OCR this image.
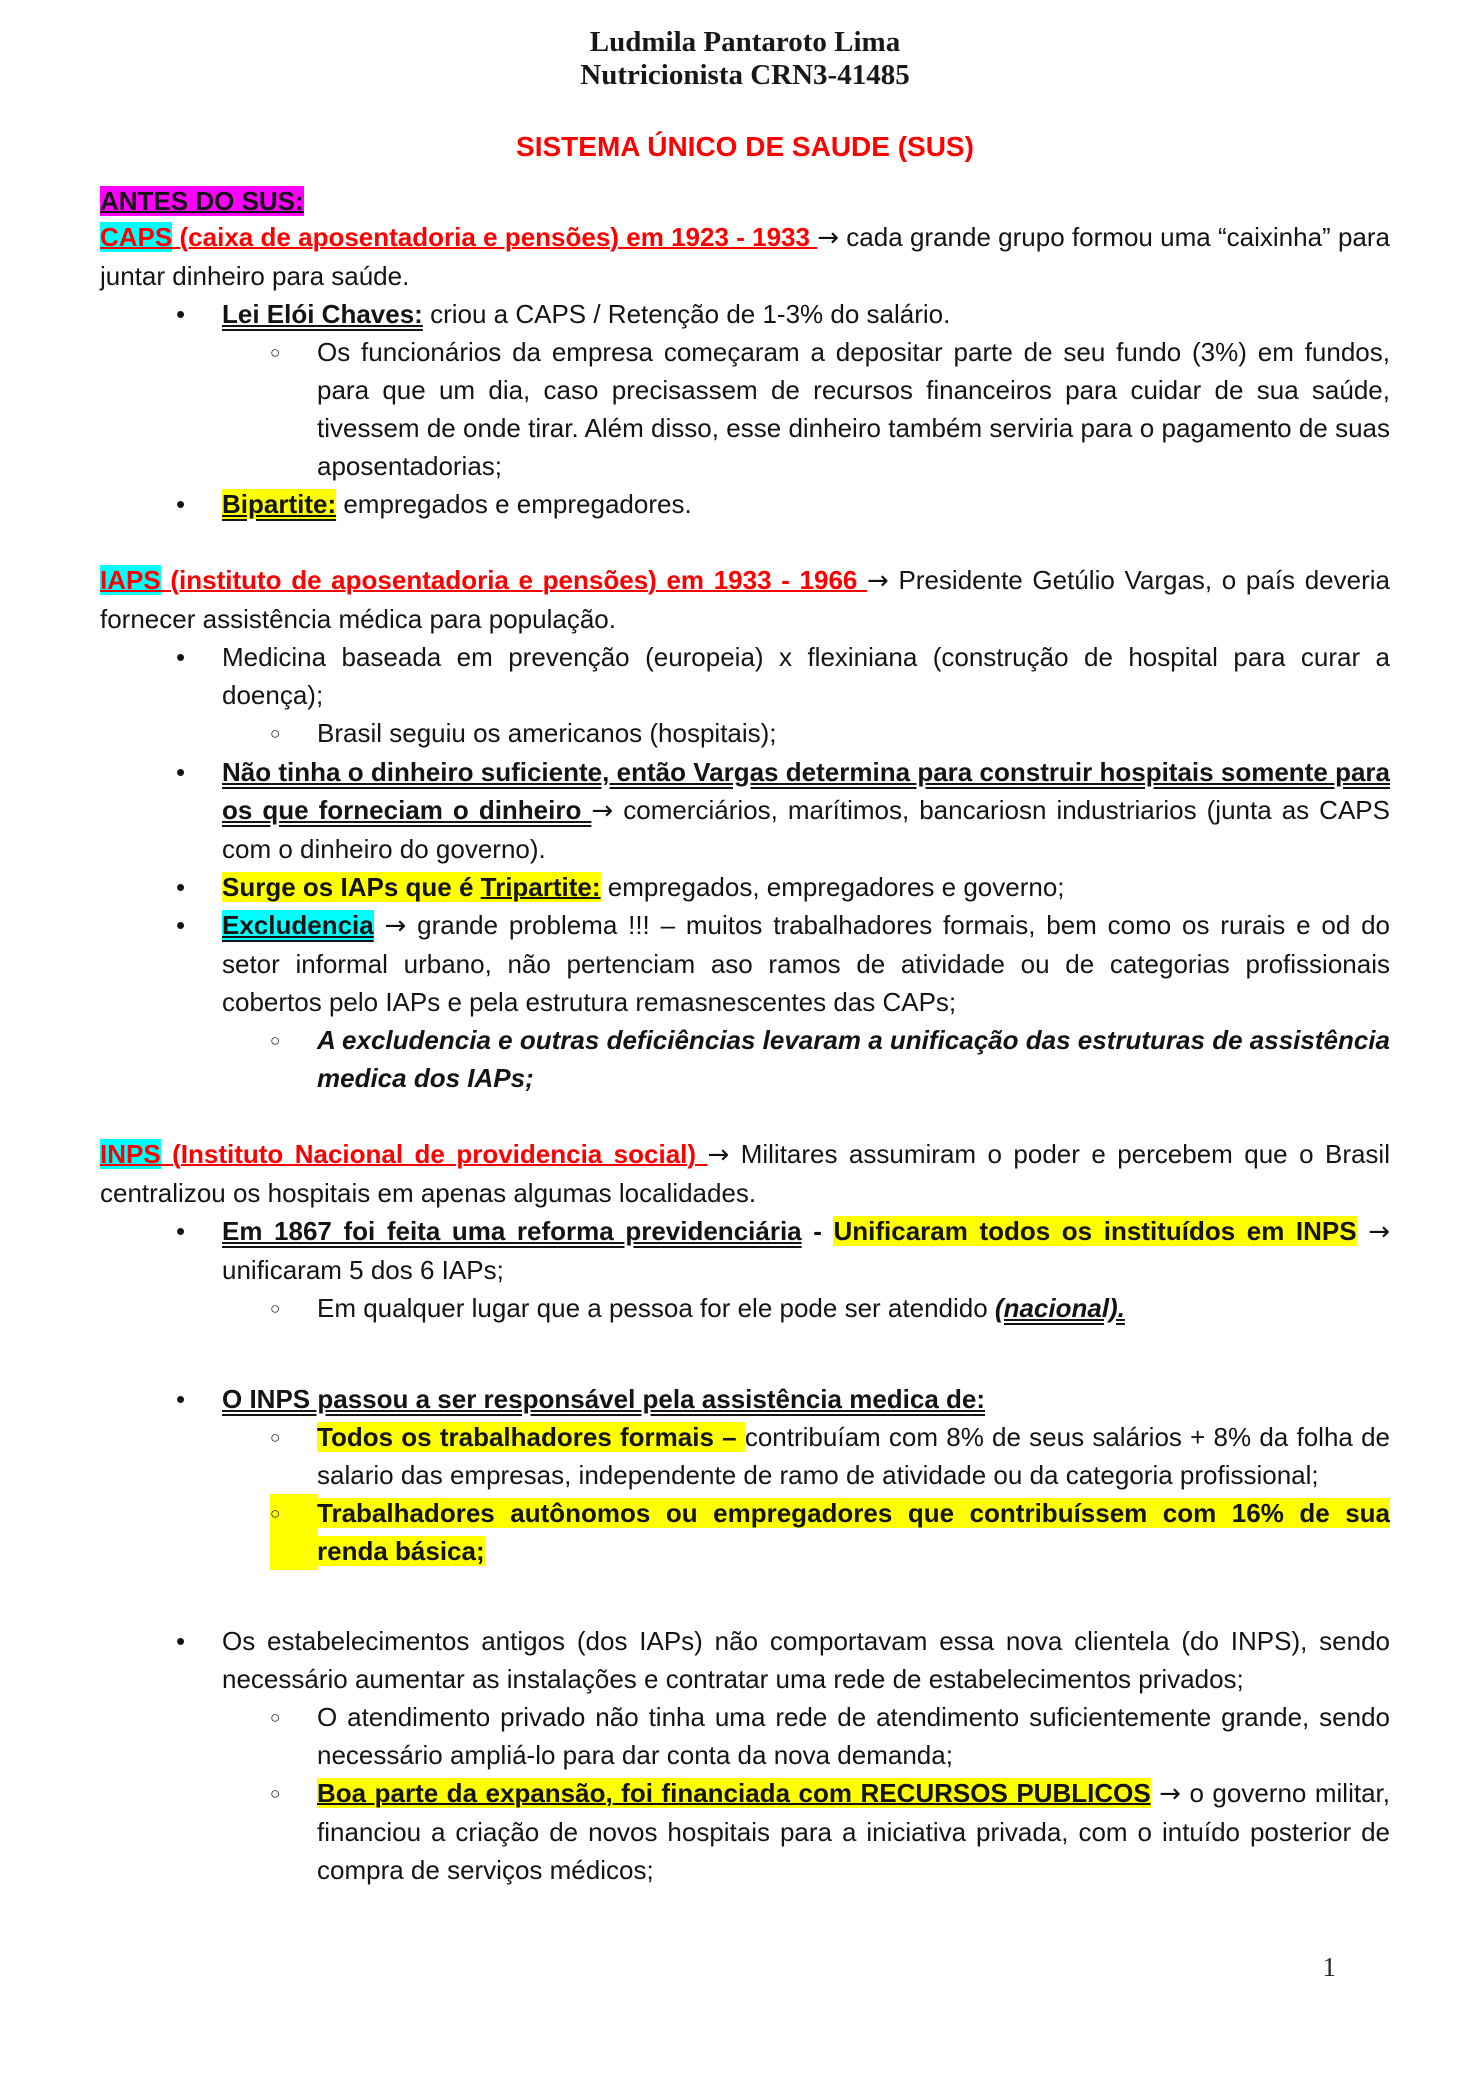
Ludmila Pantaroto Lima
Nutricionista CRN3-41485
SISTEMA ÚNICO DE SAUDE (SUS)

ANTES DO SUS:

CAPS (caixa de aposentadoria e pensões) em 1923 - 1933 → cada grande grupo formou uma “caixinha” para juntar dinheiro para saúde.

•	Lei Elói Chaves: criou a CAPS / Retenção de 1-3% do salário.
○	Os funcionários da empresa começaram a depositar parte de seu fundo (3%) em fundos, para que um dia, caso precisassem de recursos financeiros para cuidar de sua saúde, tivessem de onde tirar. Além disso, esse dinheiro também serviria para o pagamento de suas aposentadorias;
•	Bipartite: empregados e empregadores.

IAPS (instituto de aposentadoria e pensões) em 1933 - 1966 → Presidente Getúlio Vargas, o país deveria fornecer assistência médica para população.

•	Medicina baseada em prevenção (europeia) x flexiniana (construção de hospital para curar a doença);
○	Brasil seguiu os americanos (hospitais);
•	Não tinha o dinheiro suficiente, então Vargas determina para construir hospitais somente para os que forneciam o dinheiro → comerciários, marítimos, bancariosn industriarios (junta as CAPS com o dinheiro do governo).
•	Surge os IAPs que é Tripartite: empregados, empregadores e governo;
•	Excludencia → grande problema !!! – muitos trabalhadores formais, bem como os rurais e od do setor informal urbano, não pertenciam aso ramos de atividade ou de categorias profissionais cobertos pelo IAPs e pela estrutura remasnescentes das CAPs;
○	A excludencia e outras deficiências levaram a unificação das estruturas de assistência medica dos IAPs;

INPS (Instituto Nacional de providencia social) → Militares assumiram o poder e percebem que o Brasil centralizou os hospitais em apenas algumas localidades.

•	Em 1867 foi feita uma reforma previdenciária - Unificaram todos os instituídos em INPS → unificaram 5 dos 6 IAPs;
○	Em qualquer lugar que a pessoa for ele pode ser atendido (nacional).
•	O INPS passou a ser responsável pela assistência medica de:
○	Todos os trabalhadores formais – contribuíam com 8% de seus salários + 8% da folha de salario das empresas, independente de ramo de atividade ou da categoria profissional;
○	Trabalhadores autônomos ou empregadores que contribuíssem com 16% de sua renda básica;
•	Os estabelecimentos antigos (dos IAPs) não comportavam essa nova clientela (do INPS), sendo necessário aumentar as instalações e contratar uma rede de estabelecimentos privados;
○	O atendimento privado não tinha uma rede de atendimento suficientemente grande, sendo necessário ampliá-lo para dar conta da nova demanda;
○	Boa parte da expansão, foi financiada com RECURSOS PUBLICOS → o governo militar, financiou a criação de novos hospitais para a iniciativa privada, com o intuído posterior de compra de serviços médicos;
1
